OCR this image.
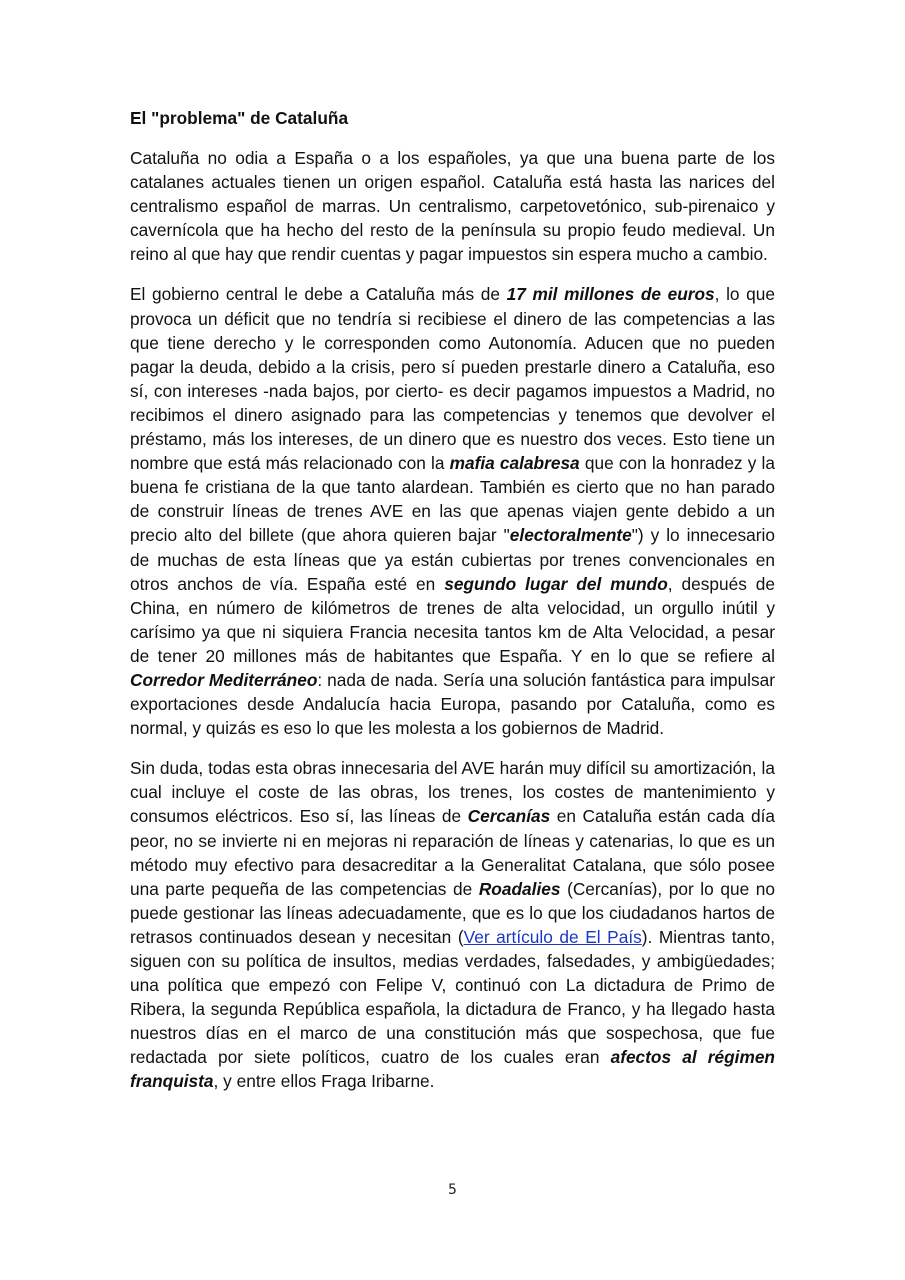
El "problema" de Cataluña

Cataluña no odia a España o a los españoles, ya que una buena parte de los catalanes actuales tienen un origen español. Cataluña está hasta las narices del centralismo español de marras. Un centralismo, carpetovetónico, sub-pirenaico y cavernícola que ha hecho del resto de la península su propio feudo medieval. Un reino al que hay que rendir cuentas y pagar impuestos sin espera mucho a cambio.

El gobierno central le debe a Cataluña más de 17 mil millones de euros, lo que provoca un déficit que no tendría si recibiese el dinero de las competencias a las que tiene derecho y le corresponden como Autonomía. Aducen que no pueden pagar la deuda, debido a la crisis, pero sí pueden prestarle dinero a Cataluña, eso sí, con intereses -nada bajos, por cierto- es decir pagamos impuestos a Madrid, no recibimos el dinero asignado para las competencias y tenemos que devolver el préstamo, más los intereses, de un dinero que es nuestro dos veces. Esto tiene un nombre que está más relacionado con la mafia calabresa que con la honradez y la buena fe cristiana de la que tanto alardean. También es cierto que no han parado de construir líneas de trenes AVE en las que apenas viajen gente debido a un precio alto del billete (que ahora quieren bajar "electoralmente") y lo innecesario de muchas de esta líneas que ya están cubiertas por trenes convencionales en otros anchos de vía. España esté en segundo lugar del mundo, después de China, en número de kilómetros de trenes de alta velocidad, un orgullo inútil y carísimo ya que ni siquiera Francia necesita tantos km de Alta Velocidad, a pesar de tener 20 millones más de habitantes que España. Y en lo que se refiere al Corredor Mediterráneo: nada de nada. Sería una solución fantástica para impulsar exportaciones desde Andalucía hacia Europa, pasando por Cataluña, como es normal, y quizás es eso lo que les molesta a los gobiernos de Madrid.

Sin duda, todas esta obras innecesaria del AVE harán muy difícil su amortización, la cual incluye el coste de las obras, los trenes, los costes de mantenimiento y consumos eléctricos. Eso sí, las líneas de Cercanías en Cataluña están cada día peor, no se invierte ni en mejoras ni reparación de líneas y catenarias, lo que es un método muy efectivo para desacreditar a la Generalitat Catalana, que sólo posee una parte pequeña de las competencias de Roadalies (Cercanías), por lo que no puede gestionar las líneas adecuadamente, que es lo que los ciudadanos hartos de retrasos continuados desean y necesitan (Ver artículo de El País). Mientras tanto, siguen con su política de insultos, medias verdades, falsedades, y ambigüedades; una política que empezó con Felipe V, continuó con La dictadura de Primo de Ribera, la segunda República española, la dictadura de Franco, y ha llegado hasta nuestros días en el marco de una constitución más que sospechosa, que fue redactada por siete políticos, cuatro de los cuales eran afectos al régimen franquista, y entre ellos Fraga Iribarne.

5
